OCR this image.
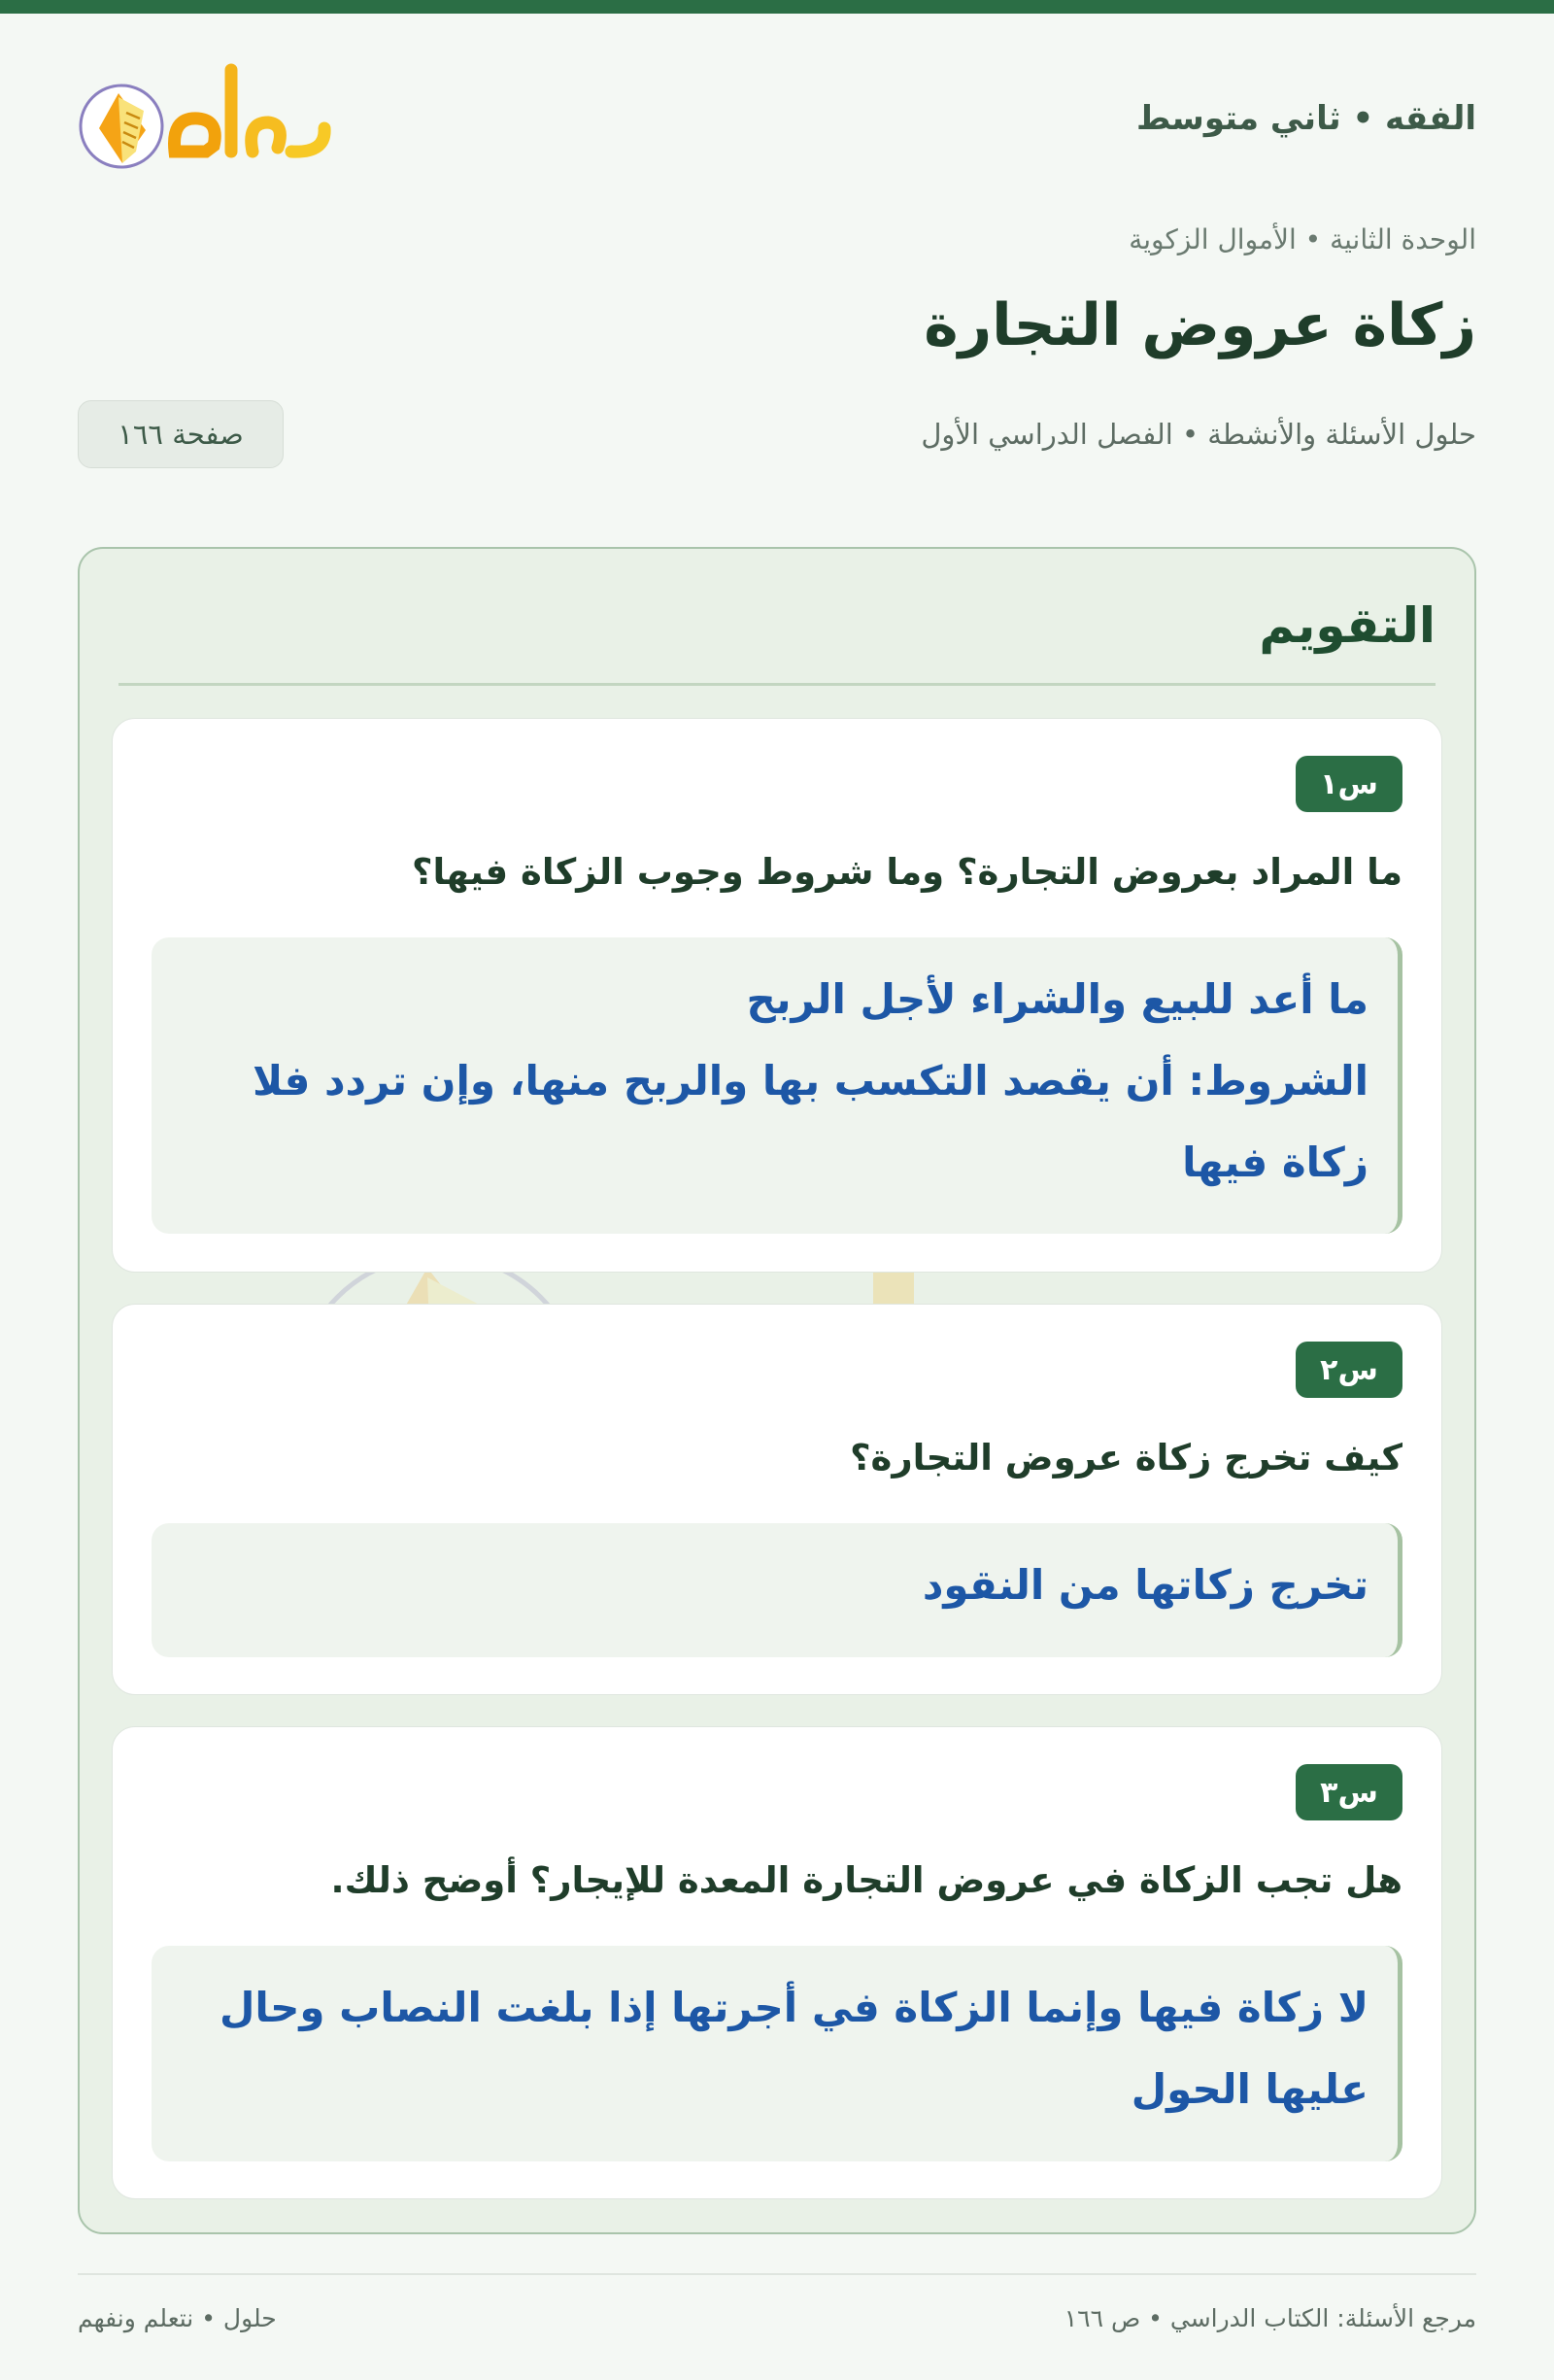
الفقه • ثاني متوسط
الوحدة الثانية • الأموال الزكوية
زكاة عروض التجارة
حلول الأسئلة والأنشطة • الفصل الدراسي الأول
صفحة ١٦٦
التقويم
س١
ما المراد بعروض التجارة؟ وما شروط وجوب الزكاة فيها؟
ما أعد للبيع والشراء لأجل الربح
الشروط: أن يقصد التكسب بها والربح منها، وإن تردد فلا
زكاة فيها
س٢
كيف تخرج زكاة عروض التجارة؟
تخرج زكاتها من النقود
س٣
هل تجب الزكاة في عروض التجارة المعدة للإيجار؟ أوضح ذلك.
لا زكاة فيها وإنما الزكاة في أجرتها إذا بلغت النصاب وحال
عليها الحول
مرجع الأسئلة: الكتاب الدراسي • ص ١٦٦
حلول • نتعلم ونفهم
